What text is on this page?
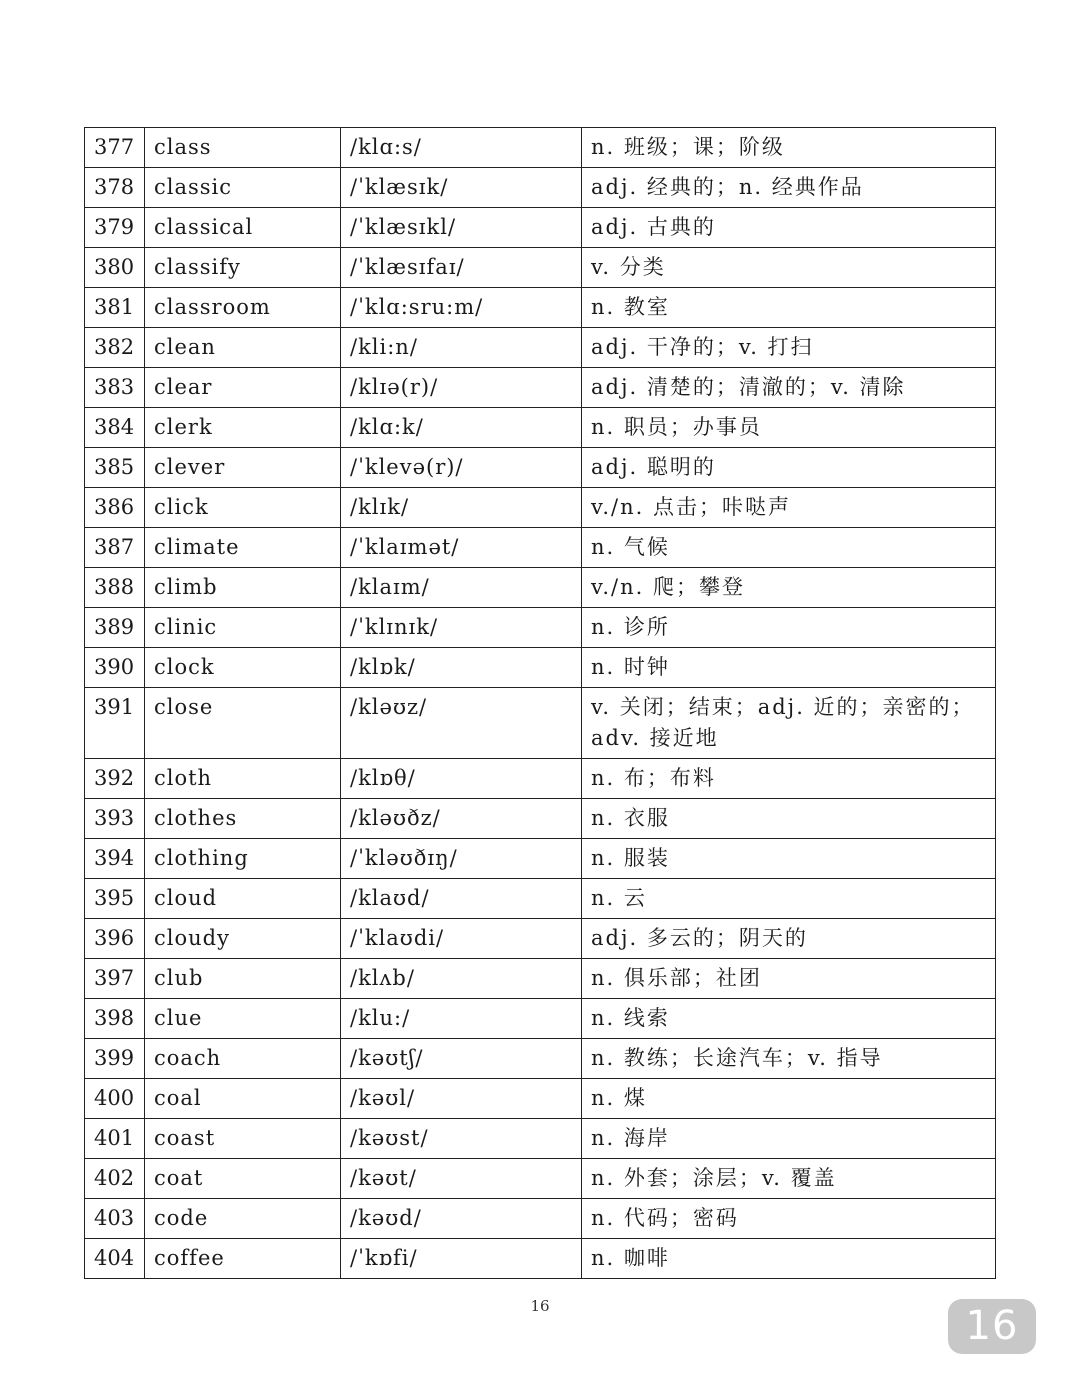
377	class	/klɑ:s/	n. 班级；课；阶级
378	classic	/ˈklæsɪk/	adj. 经典的；n. 经典作品
379	classical	/ˈklæsɪkl/	adj. 古典的
380	classify	/ˈklæsɪfaɪ/	v. 分类
381	classroom	/ˈklɑ:sru:m/	n. 教室
382	clean	/kli:n/	adj. 干净的；v. 打扫
383	clear	/klɪə(r)/	adj. 清楚的；清澈的；v. 清除
384	clerk	/klɑ:k/	n. 职员；办事员
385	clever	/ˈklevə(r)/	adj. 聪明的
386	click	/klɪk/	v./n. 点击；咔哒声
387	climate	/ˈklaɪmət/	n. 气候
388	climb	/klaɪm/	v./n. 爬；攀登
389	clinic	/ˈklɪnɪk/	n. 诊所
390	clock	/klɒk/	n. 时钟
391	close	/kləʊz/	v. 关闭；结束；adj. 近的；亲密的；adv. 接近地
392	cloth	/klɒθ/	n. 布；布料
393	clothes	/kləʊðz/	n. 衣服
394	clothing	/ˈkləʊðɪŋ/	n. 服装
395	cloud	/klaʊd/	n. 云
396	cloudy	/ˈklaʊdi/	adj. 多云的；阴天的
397	club	/klʌb/	n. 俱乐部；社团
398	clue	/klu:/	n. 线索
399	coach	/kəʊtʃ/	n. 教练；长途汽车；v. 指导
400	coal	/kəʊl/	n. 煤
401	coast	/kəʊst/	n. 海岸
402	coat	/kəʊt/	n. 外套；涂层；v. 覆盖
403	code	/kəʊd/	n. 代码；密码
404	coffee	/ˈkɒfi/	n. 咖啡
16	16
